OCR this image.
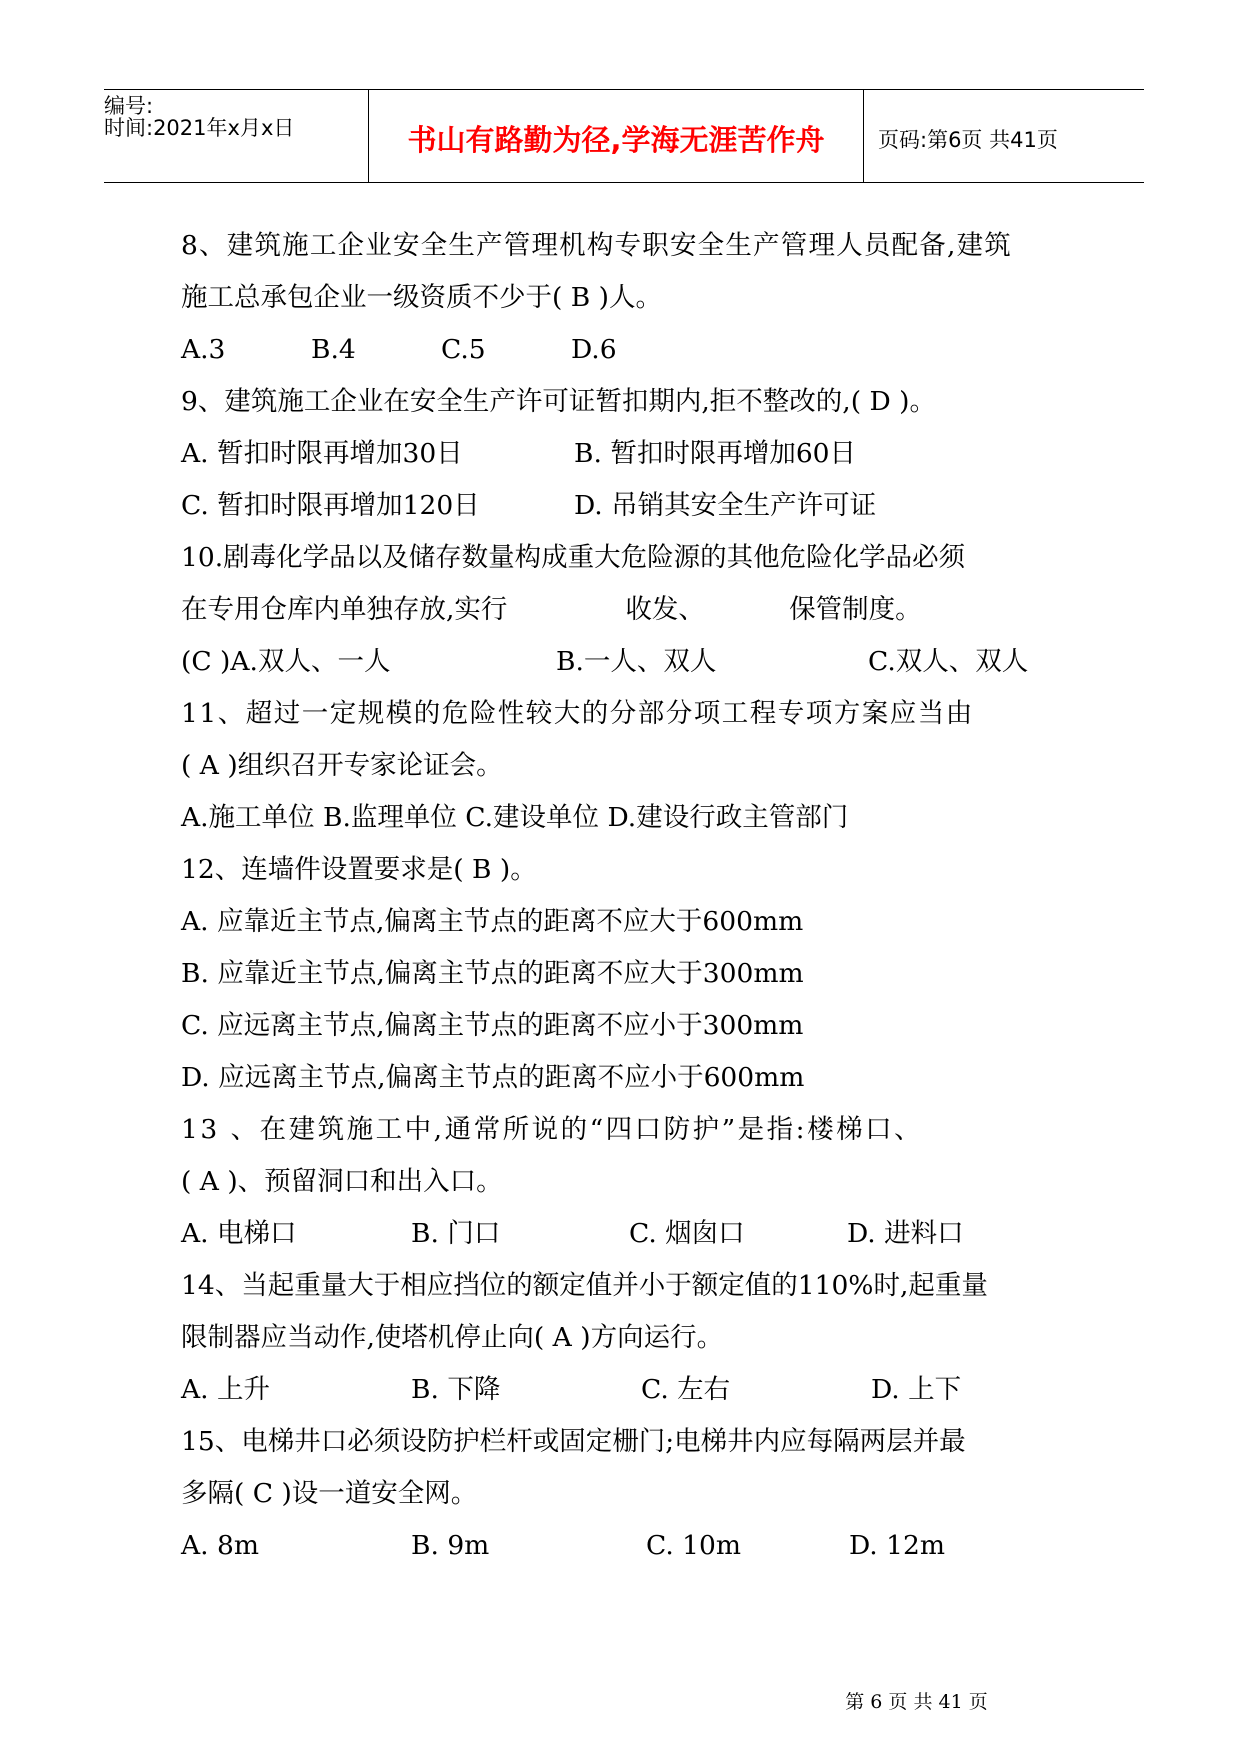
编号:
时间:2021年x月x日	书山有路勤为径,学海无涯苦作舟	页码:第6页 共41页
8、建筑施工企业安全生产管理机构专职安全生产管理人员配备,建筑
施工总承包企业一级资质不少于( B )人。
A.3	B.4	C.5	D.6
9、建筑施工企业在安全生产许可证暂扣期内,拒不整改的,( D )。
A. 暂扣时限再增加30日	B. 暂扣时限再增加60日
C. 暂扣时限再增加120日	D. 吊销其安全生产许可证
10.剧毒化学品以及储存数量构成重大危险源的其他危险化学品必须
在专用仓库内单独存放,实行              收发、          保管制度。
(C )A.双人、一人	B.一人、双人	C.双人、双人
11、超过一定规模的危险性较大的分部分项工程专项方案应当由
( A )组织召开专家论证会。
A.施工单位 B.监理单位 C.建设单位 D.建设行政主管部门
12、连墙件设置要求是( B )。
A. 应靠近主节点,偏离主节点的距离不应大于600mm
B. 应靠近主节点,偏离主节点的距离不应大于300mm
C. 应远离主节点,偏离主节点的距离不应小于300mm
D. 应远离主节点,偏离主节点的距离不应小于600mm
13 、在建筑施工中,通常所说的“四口防护”是指:楼梯口、
( A )、预留洞口和出入口。
A. 电梯口	B. 门口	C. 烟囱口	D. 进料口
14、当起重量大于相应挡位的额定值并小于额定值的110%时,起重量
限制器应当动作,使塔机停止向( A )方向运行。
A. 上升	B. 下降	C. 左右	D. 上下
15、电梯井口必须设防护栏杆或固定栅门;电梯井内应每隔两层并最
多隔( C )设一道安全网。
A. 8m	B. 9m	C. 10m	D. 12m
第 6 页 共 41 页
